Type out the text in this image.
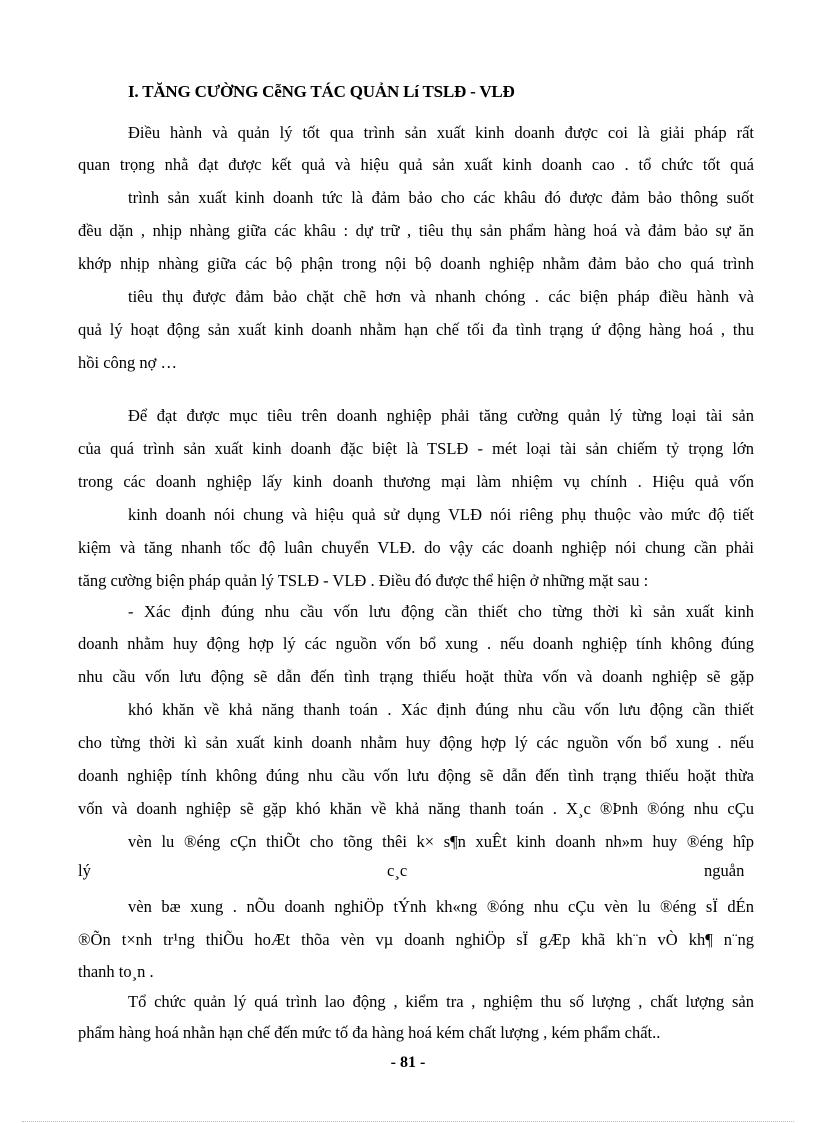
I. TĂNG CƯỜNG CễNG TÁC QUẢN Lí TSLĐ - VLĐ
Điều hành và quản lý tốt qua trình sản xuất kinh doanh được coi là giải pháp rất
quan trọng nhằ đạt được kết quả và hiệu quả sản xuất kinh doanh cao . tổ chức tốt quá
trình sản xuất kinh doanh tức là đảm bảo cho các khâu đó được đảm bảo thông suốt
đều dặn , nhịp nhàng giữa các khâu : dự trữ , tiêu thụ sản phẩm hàng hoá và đảm bảo sự ăn
khớp nhịp nhàng giữa các bộ phận trong nội bộ doanh nghiệp nhằm đảm bảo cho quá trình
tiêu thụ được đảm bảo chặt chẽ hơn và nhanh chóng . các biện pháp điều hành và
quả lý hoạt động sản xuất kinh doanh nhằm hạn chế tối đa tình trạng ứ động hàng hoá , thu
hồi công nợ …
Để đạt được mục tiêu trên doanh nghiệp phải tăng cường quản lý từng loại tài sản
của quá trình sản xuất kinh doanh đặc biệt là TSLĐ - mét loại tài sản chiếm tỷ trọng lớn
trong các doanh nghiệp lấy kinh doanh thương mại làm nhiệm vụ chính . Hiệu quả vốn
kinh doanh nói chung và hiệu quả sử dụng VLĐ nói riêng phụ thuộc vào mức độ tiết
kiệm và tăng nhanh tốc độ luân chuyển VLĐ. do vậy các doanh nghiệp nói chung cần phải
tăng cường biện pháp quản lý TSLĐ - VLĐ . Điều đó được thể hiện ở những mặt sau :
- Xác định đúng nhu cầu vốn lưu động cần thiết cho từng thời kì sản xuất kinh
doanh nhằm huy động hợp lý các nguồn vốn bổ xung . nếu doanh nghiệp tính không đúng
nhu cầu vốn lưu động sẽ dẫn đến tình trạng thiếu hoặt thừa vốn và doanh nghiệp sẽ gặp
khó khăn về khả năng thanh toán . Xác định đúng nhu cầu vốn lưu động cần thiết
cho từng thời kì sản xuất kinh doanh nhằm huy động hợp lý các nguồn vốn bổ xung . nếu
doanh nghiệp tính không đúng nhu cầu vốn lưu động sẽ dẫn đến tình trạng thiếu hoặt thừa
vốn và doanh nghiệp sẽ gặp khó khăn về khả năng thanh toán . X¸c ®Þnh ®óng nhu cÇu
vèn lu ®éng cÇn thiÕt cho tõng thêi k× s¶n xuÊt kinh doanh nh»m huy ®éng hîp
lý	c¸c	nguån
vèn bæ xung . nÕu doanh nghiÖp tÝnh kh«ng ®óng nhu cÇu vèn lu ®éng sÏ dÉn
®Õn t×nh tr¹ng thiÕu hoÆt thõa vèn vµ doanh nghiÖp sÏ gÆp khã kh¨n vÒ kh¶ n¨ng
thanh to¸n .
Tổ chức quản lý quá trình lao động , kiểm tra , nghiệm thu số lượng , chất lượng sản
phẩm hàng hoá nhằn hạn chế đến mức tố đa hàng hoá kém chất lượng , kém phẩm chất..
- 81 -
